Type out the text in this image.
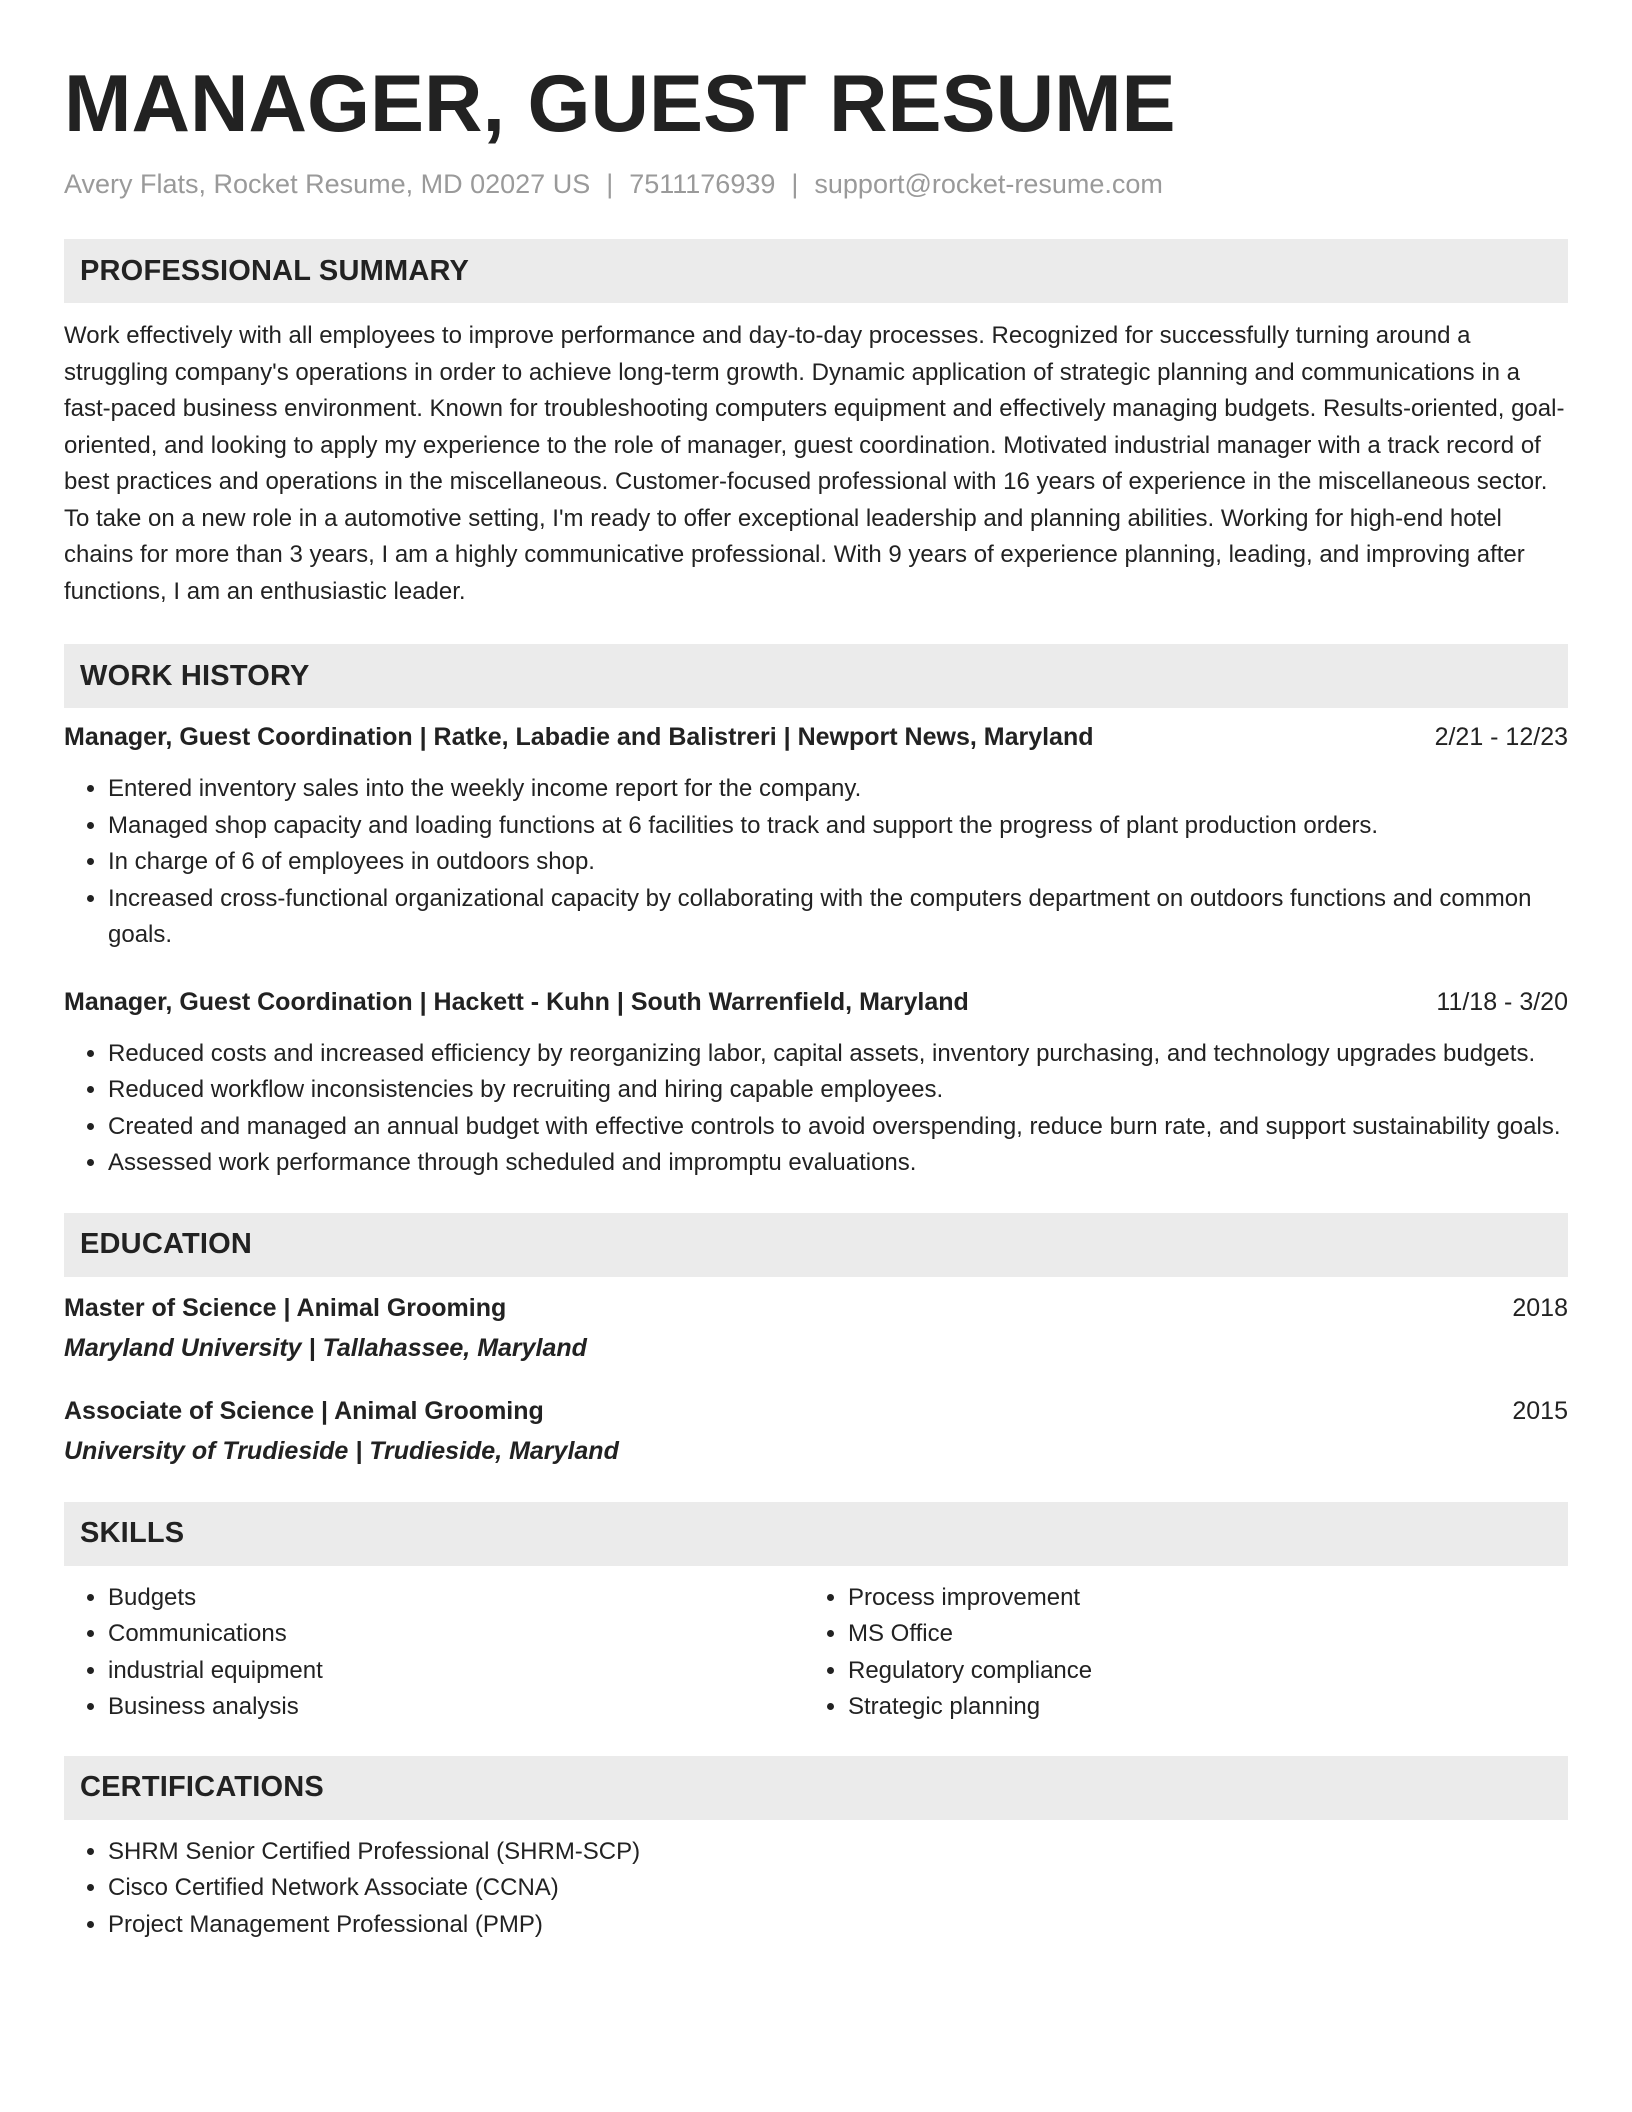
MANAGER, GUEST RESUME
Avery Flats, Rocket Resume, MD 02027 US | 7511176939 | support@rocket-resume.com
PROFESSIONAL SUMMARY
Work effectively with all employees to improve performance and day-to-day processes. Recognized for successfully turning around a struggling company's operations in order to achieve long-term growth. Dynamic application of strategic planning and communications in a fast-paced business environment. Known for troubleshooting computers equipment and effectively managing budgets. Results-oriented, goal-oriented, and looking to apply my experience to the role of manager, guest coordination. Motivated industrial manager with a track record of best practices and operations in the miscellaneous. Customer-focused professional with 16 years of experience in the miscellaneous sector. To take on a new role in a automotive setting, I'm ready to offer exceptional leadership and planning abilities. Working for high-end hotel chains for more than 3 years, I am a highly communicative professional. With 9 years of experience planning, leading, and improving after functions, I am an enthusiastic leader.
WORK HISTORY
Manager, Guest Coordination | Ratke, Labadie and Balistreri | Newport News, Maryland	2/21 - 12/23
• Entered inventory sales into the weekly income report for the company.
• Managed shop capacity and loading functions at 6 facilities to track and support the progress of plant production orders.
• In charge of 6 of employees in outdoors shop.
• Increased cross-functional organizational capacity by collaborating with the computers department on outdoors functions and common goals.
Manager, Guest Coordination | Hackett - Kuhn | South Warrenfield, Maryland	11/18 - 3/20
• Reduced costs and increased efficiency by reorganizing labor, capital assets, inventory purchasing, and technology upgrades budgets.
• Reduced workflow inconsistencies by recruiting and hiring capable employees.
• Created and managed an annual budget with effective controls to avoid overspending, reduce burn rate, and support sustainability goals.
• Assessed work performance through scheduled and impromptu evaluations.
EDUCATION
Master of Science | Animal Grooming	2018
Maryland University | Tallahassee, Maryland
Associate of Science | Animal Grooming	2015
University of Trudieside | Trudieside, Maryland
SKILLS
• Budgets
• Communications
• industrial equipment
• Business analysis
• Process improvement
• MS Office
• Regulatory compliance
• Strategic planning
CERTIFICATIONS
• SHRM Senior Certified Professional (SHRM-SCP)
• Cisco Certified Network Associate (CCNA)
• Project Management Professional (PMP)
